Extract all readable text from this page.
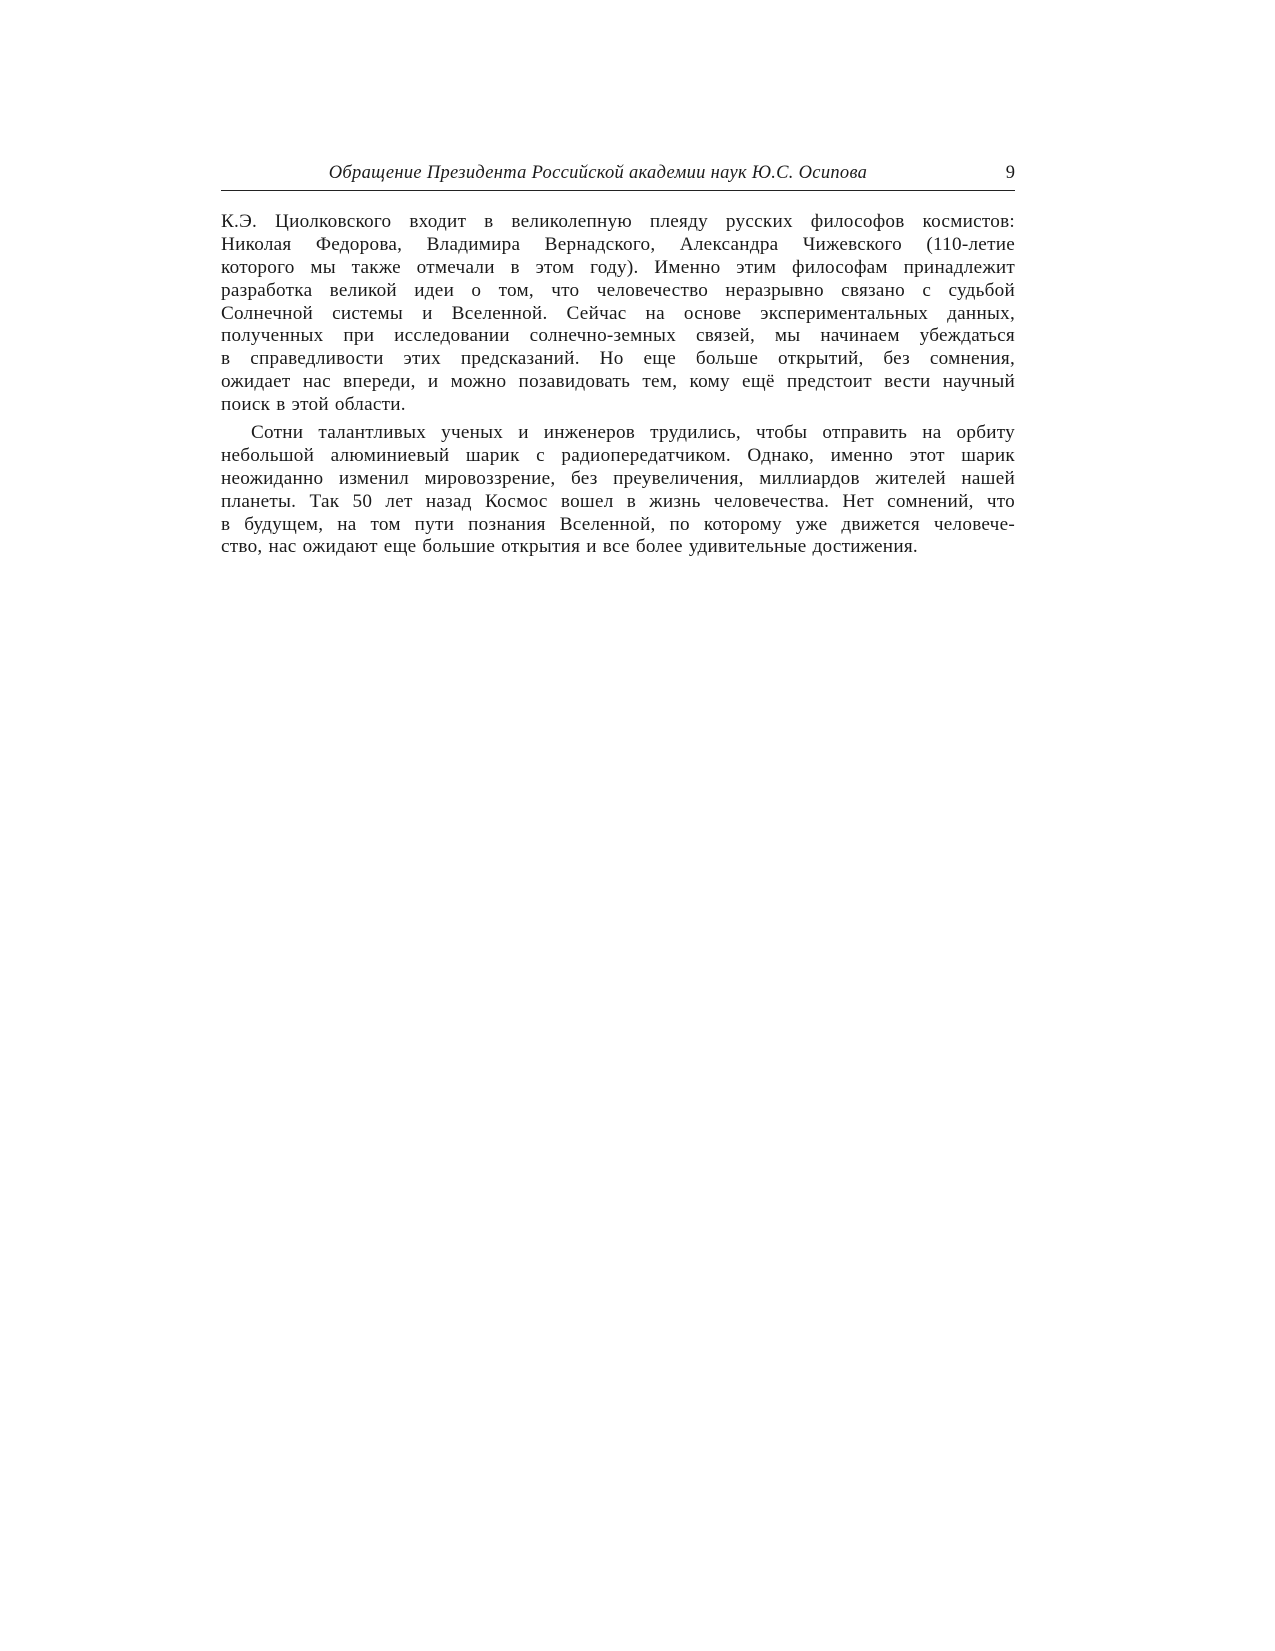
Обращение Президента Российской академии наук Ю.С. Осипова	9
К.Э. Циолковского входит в великолепную плеяду русских философов космистов:
Николая Федорова, Владимира Вернадского, Александра Чижевского (110-летие
которого мы также отмечали в этом году). Именно этим философам принадлежит
разработка великой идеи о том, что человечество неразрывно связано с судьбой
Солнечной системы и Вселенной. Сейчас на основе экспериментальных данных,
полученных при исследовании солнечно-земных связей, мы начинаем убеждаться
в справедливости этих предсказаний. Но еще больше открытий, без сомнения,
ожидает нас впереди, и можно позавидовать тем, кому ещё предстоит вести научный
поиск в этой области.
Сотни талантливых ученых и инженеров трудились, чтобы отправить на орбиту
небольшой алюминиевый шарик с радиопередатчиком. Однако, именно этот шарик
неожиданно изменил мировоззрение, без преувеличения, миллиардов жителей нашей
планеты. Так 50 лет назад Космос вошел в жизнь человечества. Нет сомнений, что
в будущем, на том пути познания Вселенной, по которому уже движется человече-
ство, нас ожидают еще большие открытия и все более удивительные достижения.
